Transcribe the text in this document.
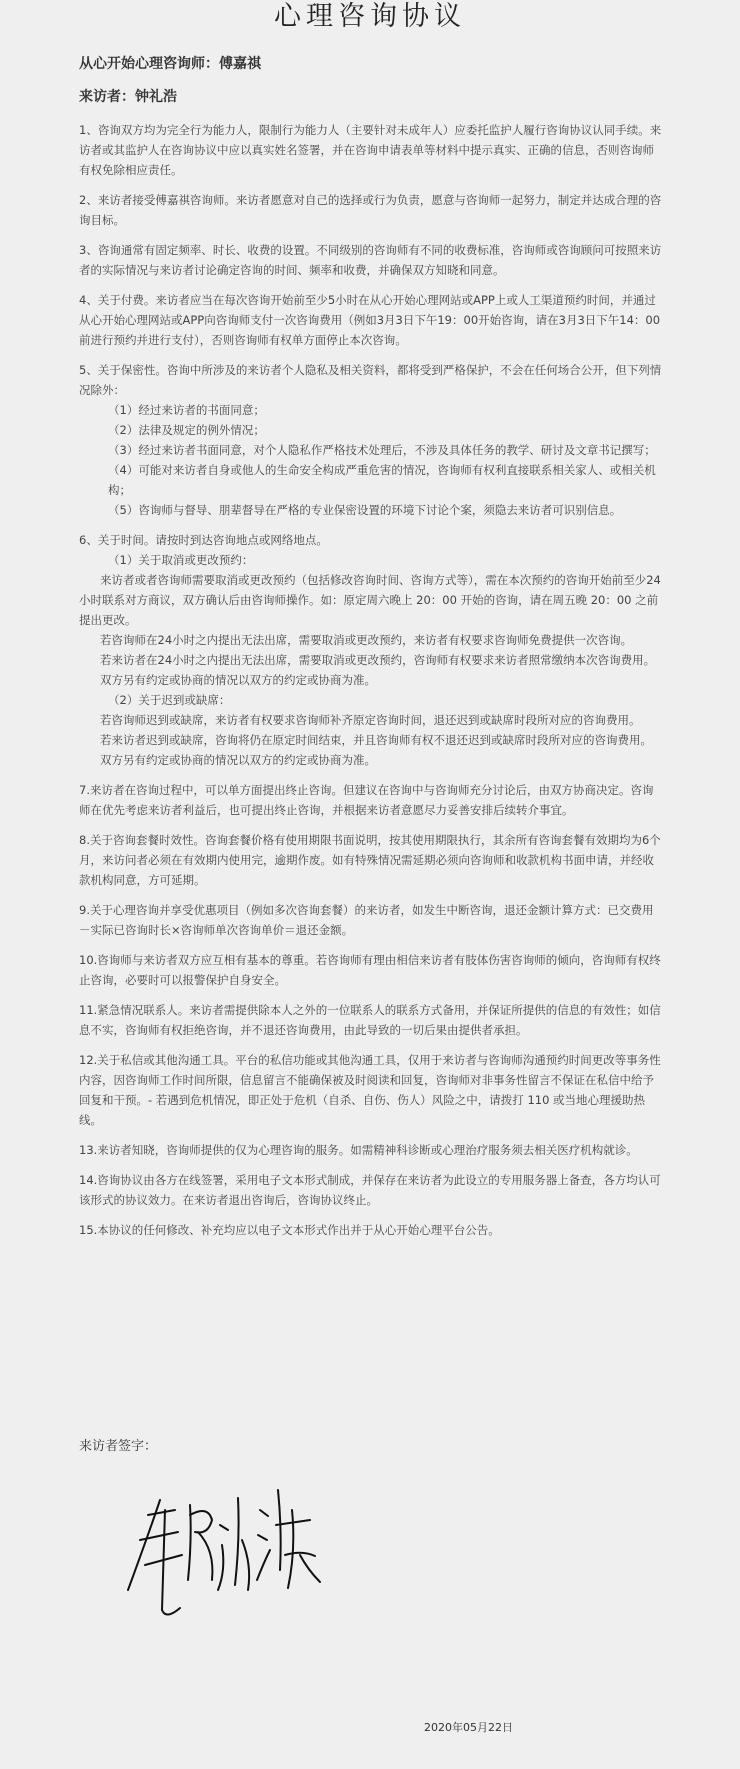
心理咨询协议
从心开始心理咨询师：傅嘉祺
来访者：钟礼浩

1、咨询双方均为完全行为能力人，限制行为能力人（主要针对未成年人）应委托监护人履行咨询协议认同手续。来访者或其监护人在咨询协议中应以真实姓名签署，并在咨询申请表单等材料中提示真实、正确的信息，否则咨询师有权免除相应责任。

2、来访者接受傅嘉祺咨询师。来访者愿意对自己的选择或行为负责，愿意与咨询师一起努力，制定并达成合理的咨询目标。

3、咨询通常有固定频率、时长、收费的设置。不同级别的咨询师有不同的收费标准，咨询师或咨询顾问可按照来访者的实际情况与来访者讨论确定咨询的时间、频率和收费，并确保双方知晓和同意。

4、关于付费。来访者应当在每次咨询开始前至少5小时在从心开始心理网站或APP上或人工渠道预约时间，并通过从心开始心理网站或APP向咨询师支付一次咨询费用（例如3月3日下午19：00开始咨询，请在3月3日下午14：00前进行预约并进行支付），否则咨询师有权单方面停止本次咨询。

5、关于保密性。咨询中所涉及的来访者个人隐私及相关资料，都将受到严格保护，不会在任何场合公开，但下列情况除外：

（1）经过来访者的书面同意；

（2）法律及规定的例外情况；

（3）经过来访者书面同意，对个人隐私作严格技术处理后，不涉及具体任务的教学、研讨及文章书记撰写；

（4）可能对来访者自身或他人的生命安全构成严重危害的情况，咨询师有权利直接联系相关家人、或相关机构；

（5）咨询师与督导、朋辈督导在严格的专业保密设置的环境下讨论个案，须隐去来访者可识别信息。

6、关于时间。请按时到达咨询地点或网络地点。

（1）关于取消或更改预约：

来访者或者咨询师需要取消或更改预约（包括修改咨询时间、咨询方式等），需在本次预约的咨询开始前至少24小时联系对方商议，双方确认后由咨询师操作。如：原定周六晚上 20：00 开始的咨询，请在周五晚 20：00 之前提出更改。

若咨询师在24小时之内提出无法出席，需要取消或更改预约，来访者有权要求咨询师免费提供一次咨询。

若来访者在24小时之内提出无法出席，需要取消或更改预约，咨询师有权要求来访者照常缴纳本次咨询费用。

双方另有约定或协商的情况以双方的约定或协商为准。

（2）关于迟到或缺席：

若咨询师迟到或缺席，来访者有权要求咨询师补齐原定咨询时间，退还迟到或缺席时段所对应的咨询费用。

若来访者迟到或缺席，咨询将仍在原定时间结束，并且咨询师有权不退还迟到或缺席时段所对应的咨询费用。

双方另有约定或协商的情况以双方的约定或协商为准。

7.来访者在咨询过程中，可以单方面提出终止咨询。但建议在咨询中与咨询师充分讨论后，由双方协商决定。咨询师在优先考虑来访者利益后，也可提出终止咨询，并根据来访者意愿尽力妥善安排后续转介事宜。

8.关于咨询套餐时效性。咨询套餐价格有使用期限书面说明，按其使用期限执行，其余所有咨询套餐有效期均为6个月，来访问者必须在有效期内使用完，逾期作废。如有特殊情况需延期必须向咨询师和收款机构书面申请，并经收款机构同意，方可延期。

9.关于心理咨询并享受优惠项目（例如多次咨询套餐）的来访者，如发生中断咨询，退还金额计算方式：已交费用－实际已咨询时长×咨询师单次咨询单价＝退还金额。

10.咨询师与来访者双方应互相有基本的尊重。若咨询师有理由相信来访者有肢体伤害咨询师的倾向，咨询师有权终止咨询，必要时可以报警保护自身安全。

11.紧急情况联系人。来访者需提供除本人之外的一位联系人的联系方式备用，并保证所提供的信息的有效性；如信息不实，咨询师有权拒绝咨询，并不退还咨询费用，由此导致的一切后果由提供者承担。

12.关于私信或其他沟通工具。平台的私信功能或其他沟通工具，仅用于来访者与咨询师沟通预约时间更改等事务性内容，因咨询师工作时间所限，信息留言不能确保被及时阅读和回复，咨询师对非事务性留言不保证在私信中给予回复和干预。- 若遇到危机情况，即正处于危机（自杀、自伤、伤人）风险之中，请拨打 110 或当地心理援助热线。

13.来访者知晓，咨询师提供的仅为心理咨询的服务。如需精神科诊断或心理治疗服务须去相关医疗机构就诊。

14.咨询协议由各方在线签署，采用电子文本形式制成，并保存在来访者为此设立的专用服务器上备查，各方均认可该形式的协议效力。在来访者退出咨询后，咨询协议终止。

15.本协议的任何修改、补充均应以电子文本形式作出并于从心开始心理平台公告。

来访者签字：
2020年05月22日
